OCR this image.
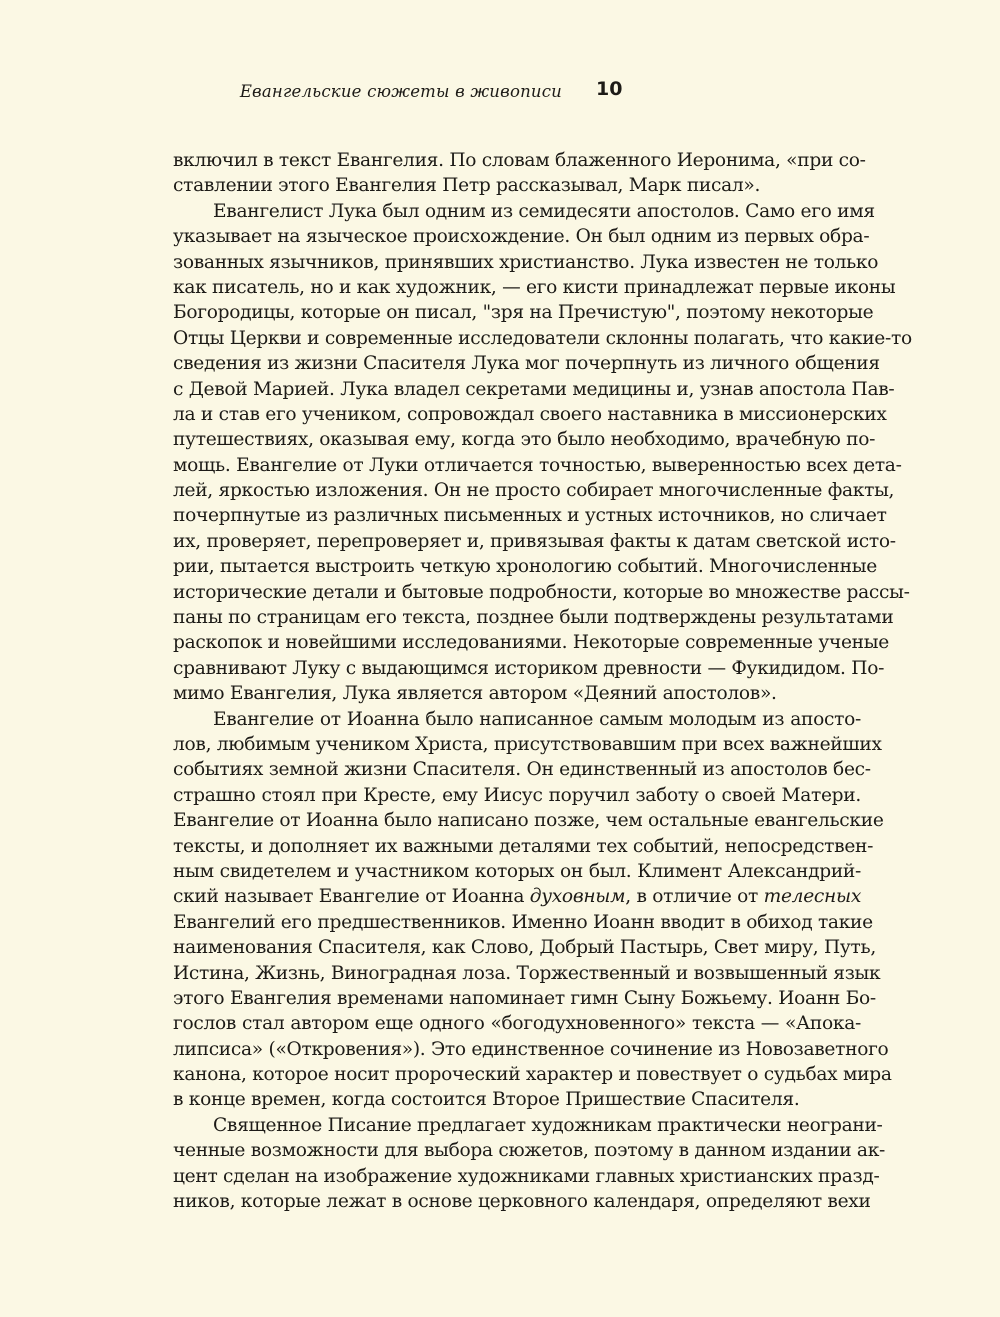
Евангельские сюжеты в живописи 10
включил в текст Евангелия. По словам блаженного Иеронима, «при со-
ставлении этого Евангелия Петр рассказывал, Марк писал».
Евангелист Лука был одним из семидесяти апостолов. Само его имя
указывает на языческое происхождение. Он был одним из первых обра-
зованных язычников, принявших христианство. Лука известен не только
как писатель, но и как художник, — его кисти принадлежат первые иконы
Богородицы, которые он писал, "зря на Пречистую", поэтому некоторые
Отцы Церкви и современные исследователи склонны полагать, что какие-то
сведения из жизни Спасителя Лука мог почерпнуть из личного общения
с Девой Марией. Лука владел секретами медицины и, узнав апостола Пав-
ла и став его учеником, сопровождал своего наставника в миссионерских
путешествиях, оказывая ему, когда это было необходимо, врачебную по-
мощь. Евангелие от Луки отличается точностью, выверенностью всех дета-
лей, яркостью изложения. Он не просто собирает многочисленные факты,
почерпнутые из различных письменных и устных источников, но сличает
их, проверяет, перепроверяет и, привязывая факты к датам светской исто-
рии, пытается выстроить четкую хронологию событий. Многочисленные
исторические детали и бытовые подробности, которые во множестве рассы-
паны по страницам его текста, позднее были подтверждены результатами
раскопок и новейшими исследованиями. Некоторые современные ученые
сравнивают Луку с выдающимся историком древности — Фукидидом. По-
мимо Евангелия, Лука является автором «Деяний апостолов».
Евангелие от Иоанна было написанное самым молодым из апосто-
лов, любимым учеником Христа, присутствовавшим при всех важнейших
событиях земной жизни Спасителя. Он единственный из апостолов бес-
страшно стоял при Кресте, ему Иисус поручил заботу о своей Матери.
Евангелие от Иоанна было написано позже, чем остальные евангельские
тексты, и дополняет их важными деталями тех событий, непосредствен-
ным свидетелем и участником которых он был. Климент Александрий-
ский называет Евангелие от Иоанна духовным, в отличие от телесных
Евангелий его предшественников. Именно Иоанн вводит в обиход такие
наименования Спасителя, как Слово, Добрый Пастырь, Свет миру, Путь,
Истина, Жизнь, Виноградная лоза. Торжественный и возвышенный язык
этого Евангелия временами напоминает гимн Сыну Божьему. Иоанн Бо-
гослов стал автором еще одного «богодухновенного» текста — «Апока-
липсиса» («Откровения»). Это единственное сочинение из Новозаветного
канона, которое носит пророческий характер и повествует о судьбах мира
в конце времен, когда состоится Второе Пришествие Спасителя.
Священное Писание предлагает художникам практически неограни-
ченные возможности для выбора сюжетов, поэтому в данном издании ак-
цент сделан на изображение художниками главных христианских празд-
ников, которые лежат в основе церковного календаря, определяют вехи
